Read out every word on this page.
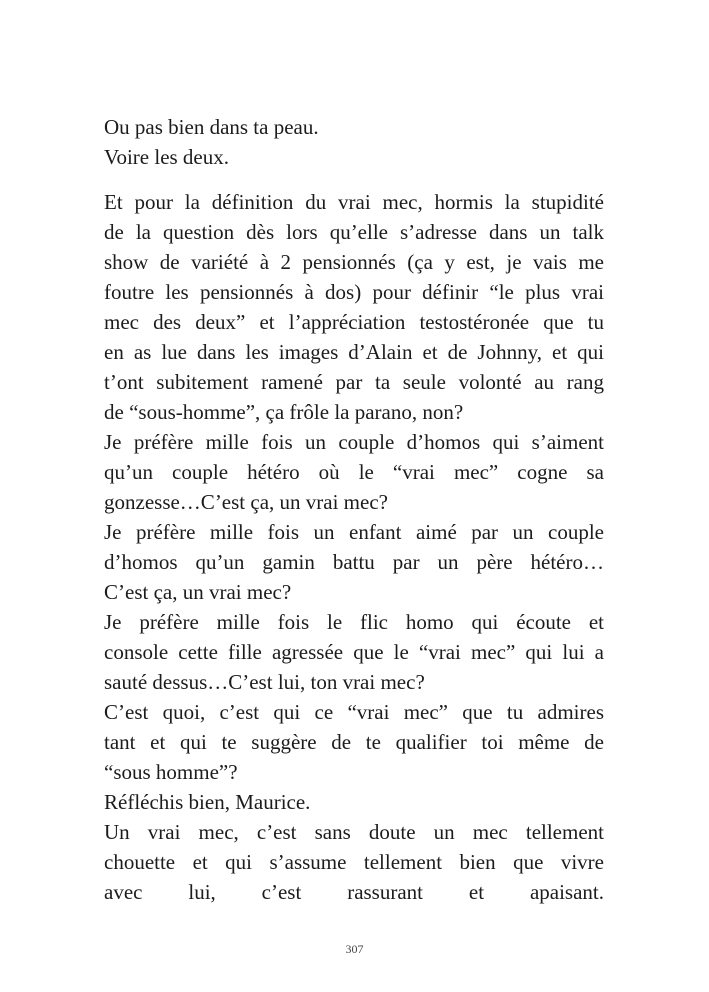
Ou pas bien dans ta peau.
Voire les deux.
Et pour la définition du vrai mec, hormis la stupidité
de la question dès lors qu’elle s’adresse dans un talk
show de variété à 2 pensionnés (ça y est, je vais me
foutre les pensionnés à dos) pour définir “le plus vrai
mec des deux” et l’appréciation testostéronée que tu
en as lue dans les images d’Alain et de Johnny, et qui
t’ont subitement ramené par ta seule volonté au rang
de “sous-homme”, ça frôle la parano, non?
Je préfère mille fois un couple d’homos qui s’aiment
qu’un couple hétéro où le “vrai mec” cogne sa
gonzesse…C’est ça, un vrai mec?
Je préfère mille fois un enfant aimé par un couple
d’homos qu’un gamin battu par un père hétéro…
C’est ça, un vrai mec?
Je préfère mille fois le flic homo qui écoute et
console cette fille agressée que le “vrai mec” qui lui a
sauté dessus…C’est lui, ton vrai mec?
C’est quoi, c’est qui ce “vrai mec” que tu admires
tant et qui te suggère de te qualifier toi même de
“sous homme”?
Réfléchis bien, Maurice.
Un vrai mec, c’est sans doute un mec tellement
chouette et qui s’assume tellement bien que vivre
avec lui, c’est rassurant et apaisant.
307
